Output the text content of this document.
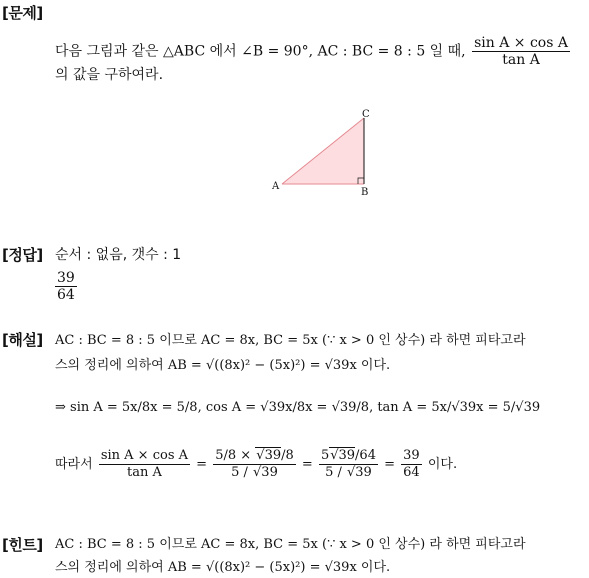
[문제]
다음 그림과 같은 △ABC 에서 ∠B = 90°, AC : BC = 8 : 5 일 때, $\frac{\text{sin A × cos A}}{\text{tan A}}$
의 값을 구하여라.
A
B
C
[정답] 순서 : 없음, 갯수 : 1
$\frac{39}{64}$
[해설] AC : BC = 8 : 5 이므로 AC = 8x, BC = 5x (∵ x > 0 인 상수) 라 하면 피타고라
스의 정리에 의하여 AB = √((8x)² − (5x)²) = √39x 이다.
⇒ sin A = 5x/8x = 5/8, cos A = √39x/8x = √39/8, tan A = 5x/√39x = 5/√39
따라서 $\frac{\text{sin A × cos A}}{\text{tan A}} = \frac{5/8 \times √39/8}{5 / √39} = \frac{5√39/64}{5 / √39} = \frac{39}{64}$ 이다.
[힌트] AC : BC = 8 : 5 이므로 AC = 8x, BC = 5x (∵ x > 0 인 상수) 라 하면 피타고라
스의 정리에 의하여 AB = √((8x)² − (5x)²) = √39x 이다.
